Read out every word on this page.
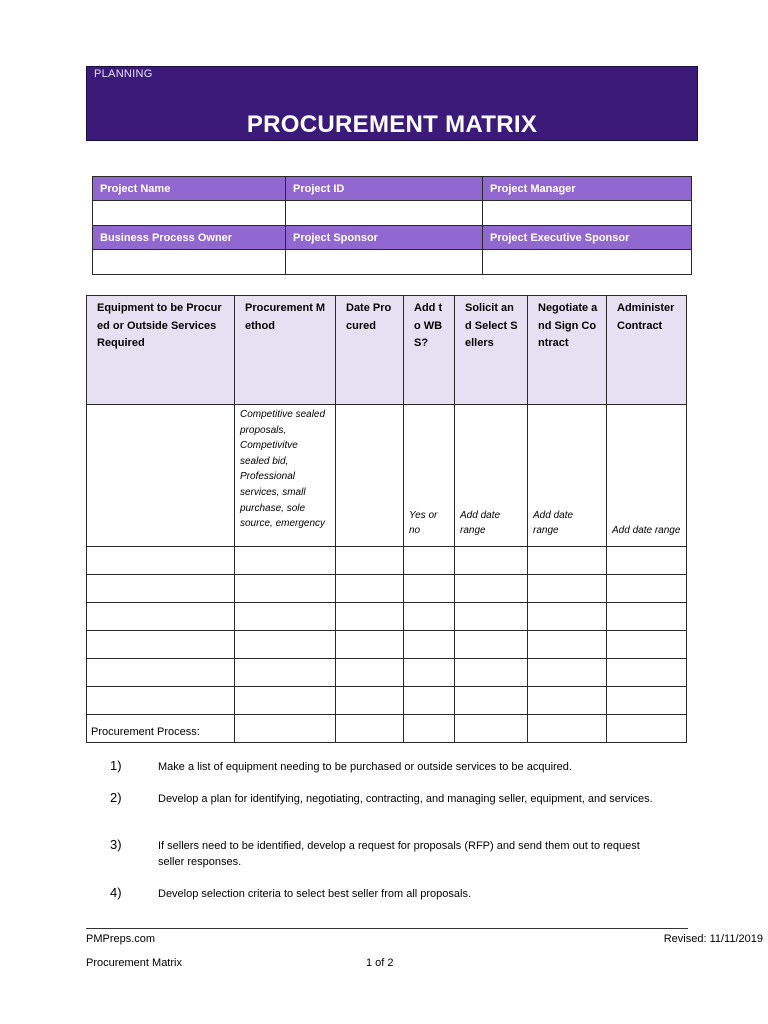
PLANNING
PROCUREMENT MATRIX
Project Name	Project ID	Project Manager

Business Process Owner	Project Sponsor	Project Executive Sponsor

Equipment to be Procured or Outside Services Required	Procurement Method	Date Procured	Add to WBS?	Solicit and Select Sellers	Negotiate and Sign Contract	Administer Contract
	Competitive sealed proposals, Competivitve sealed bid, Professional services, small purchase, sole source, emergency		Yes or no	Add date range	Add date range	Add date range

Procurement Process:
1)	Make a list of equipment needing to be purchased or outside services to be acquired.
2)	Develop a plan for identifying, negotiating, contracting, and managing seller, equipment, and services.
3)	If sellers need to be identified, develop a request for proposals (RFP) and send them out to request seller responses.
4)	Develop selection criteria to select best seller from all proposals.
PMPreps.com	Revised: 11/11/2019
Procurement Matrix	1 of 2
